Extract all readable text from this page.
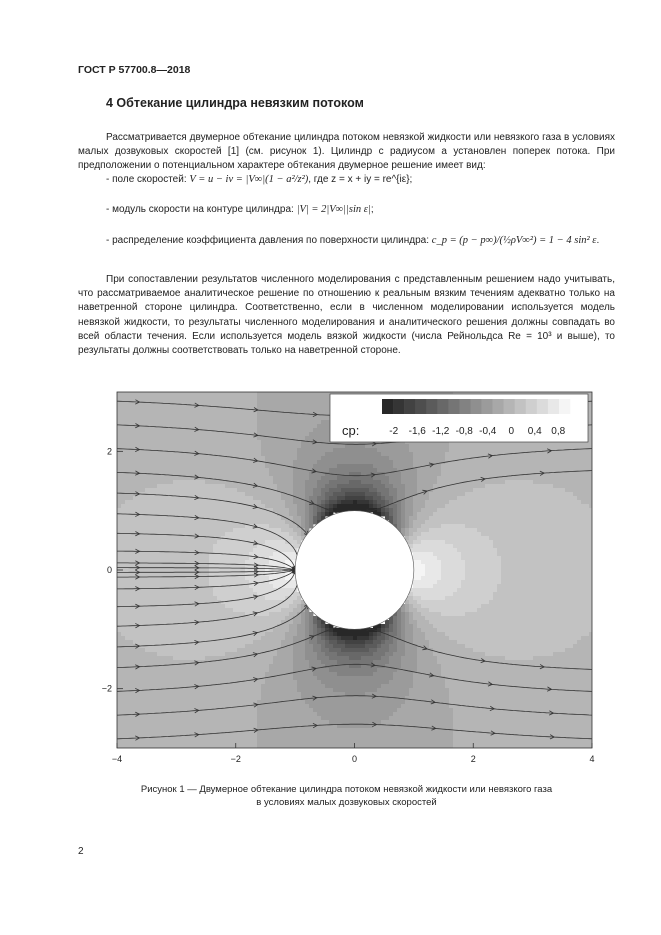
ГОСТ Р 57700.8—2018
4 Обтекание цилиндра невязким потоком

Рассматривается двумерное обтекание цилиндра потоком невязкой жидкости или невязкого газа в условиях малых дозвуковых скоростей [1] (см. рисунок 1). Цилиндр с радиусом a установлен поперек потока. При предположении о потенциальном характере обтекания двумерное решение имеет вид:

- поле скоростей: V = u − iv = |V∞|(1 − a²/z²), где z = x + iy = re^{iε};
- модуль скорости на контуре цилиндра: |V| = 2|V∞||sin ε|;
- распределение коэффициента давления по поверхности цилиндра: c_p = (p − p∞)/(½ρV∞²) = 1 − 4 sin² ε.

При сопоставлении результатов численного моделирования с представленным решением надо учитывать, что рассматриваемое аналитическое решение по отношению к реальным вязким течениям адекватно только на наветренной стороне цилиндра. Соответственно, если в численном моделировании используется модель невязкой жидкости, то результаты численного моделирования и аналитического решения должны совпадать во всей области течения. Если используется модель вязкой жидкости (числа Рейнольдса Re = 10³ и выше), то результаты должны соответствовать только на наветренной стороне.

−4	−2	0	2	4
−2
0
2
cp:	-2 -1,6 -1,2 -0,8 -0,4 0 0,4 0,8
Рисунок 1 — Двумерное обтекание цилиндра потоком невязкой жидкости или невязкого газа
в условиях малых дозвуковых скоростей
2
